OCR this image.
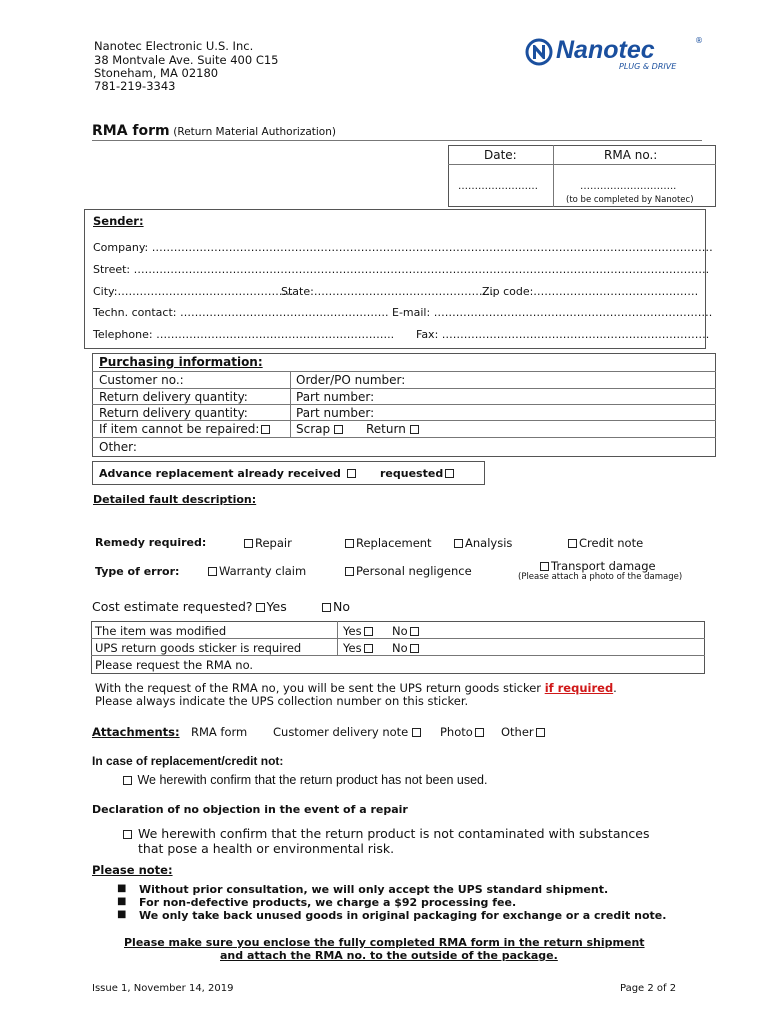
Nanotec Electronic U.S. Inc.
38 Montvale Ave. Suite 400 C15
Stoneham, MA 02180
781-219-3343
Nanotec	®
PLUG & DRIVE
RMA form (Return Material Authorization)
Date:	RMA no.:
……………………	………………………..
(to be completed by Nanotec)
Sender:
Company: ………………………………………………………………………………………………………………………………………
Street: ………………………………………………………………………………………………………………………………………….
City:…………………………………………
State:………………………………………….
Zip code:………………………………………
Techn. contact: …………………………………..……………. E-mail: ………………………………………………………………….
Telephone: ……………………………………………………….. Fax: ……………………………………………………………….
Purchasing information:
Customer no.:	Order/PO number:
Return delivery quantity:	Part number:
Return delivery quantity:	Part number:
If item cannot be repaired:	Scrap	Return
Other:
Advance replacement already received	requested
Detailed fault description:
Remedy required:	Repair	Replacement	Analysis	Credit note
Type of error:	Warranty claim	Personal negligence	Transport damage
(Please attach a photo of the damage)
Cost estimate requested? Yes	No
The item was modified	Yes	No
UPS return goods sticker is required	Yes	No
Please request the RMA no.
With the request of the RMA no, you will be sent the UPS return goods sticker if required.
Please always indicate the UPS collection number on this sticker.
Attachments: RMA form Customer delivery note	Photo	Other
In case of replacement/credit not:
We herewith confirm that the return product has not been used.
Declaration of no objection in the event of a repair
We herewith confirm that the return product is not contaminated with substances
that pose a health or environmental risk.
Please note:
■ Without prior consultation, we will only accept the UPS standard shipment.
■ For non-defective products, we charge a $92 processing fee.
■ We only take back unused goods in original packaging for exchange or a credit note.
Please make sure you enclose the fully completed RMA form in the return shipment
and attach the RMA no. to the outside of the package.
Issue 1, November 14, 2019	Page 2 of 2
